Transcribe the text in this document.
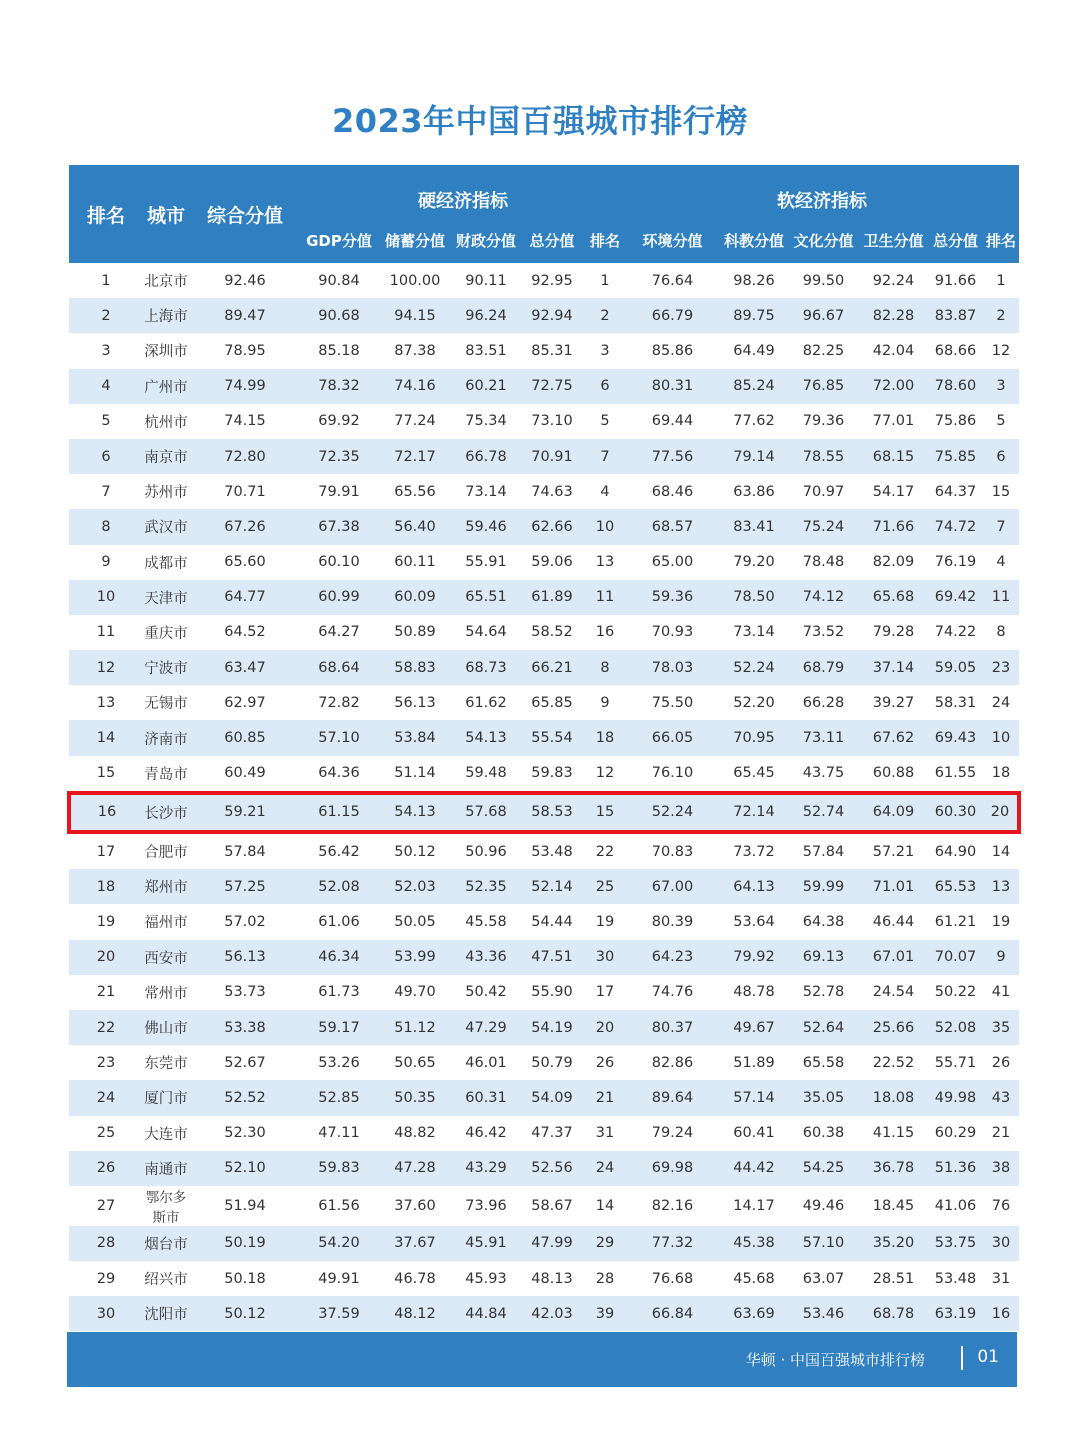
2023年中国百强城市排行榜
排名	城市	综合分值	硬经济指标					软经济指标					
			GDP分值	储蓄分值	财政分值	总分值	排名	环境分值	科教分值	文化分值	卫生分值	总分值	排名
1	北京市	92.46	90.84	100.00	90.11	92.95	1	76.64	98.26	99.50	92.24	91.66	1
2	上海市	89.47	90.68	94.15	96.24	92.94	2	66.79	89.75	96.67	82.28	83.87	2
3	深圳市	78.95	85.18	87.38	83.51	85.31	3	85.86	64.49	82.25	42.04	68.66	12
4	广州市	74.99	78.32	74.16	60.21	72.75	6	80.31	85.24	76.85	72.00	78.60	3
5	杭州市	74.15	69.92	77.24	75.34	73.10	5	69.44	77.62	79.36	77.01	75.86	5
6	南京市	72.80	72.35	72.17	66.78	70.91	7	77.56	79.14	78.55	68.15	75.85	6
7	苏州市	70.71	79.91	65.56	73.14	74.63	4	68.46	63.86	70.97	54.17	64.37	15
8	武汉市	67.26	67.38	56.40	59.46	62.66	10	68.57	83.41	75.24	71.66	74.72	7
9	成都市	65.60	60.10	60.11	55.91	59.06	13	65.00	79.20	78.48	82.09	76.19	4
10	天津市	64.77	60.99	60.09	65.51	61.89	11	59.36	78.50	74.12	65.68	69.42	11
11	重庆市	64.52	64.27	50.89	54.64	58.52	16	70.93	73.14	73.52	79.28	74.22	8
12	宁波市	63.47	68.64	58.83	68.73	66.21	8	78.03	52.24	68.79	37.14	59.05	23
13	无锡市	62.97	72.82	56.13	61.62	65.85	9	75.50	52.20	66.28	39.27	58.31	24
14	济南市	60.85	57.10	53.84	54.13	55.54	18	66.05	70.95	73.11	67.62	69.43	10
15	青岛市	60.49	64.36	51.14	59.48	59.83	12	76.10	65.45	43.75	60.88	61.55	18
16	长沙市	59.21	61.15	54.13	57.68	58.53	15	52.24	72.14	52.74	64.09	60.30	20
17	合肥市	57.84	56.42	50.12	50.96	53.48	22	70.83	73.72	57.84	57.21	64.90	14
18	郑州市	57.25	52.08	52.03	52.35	52.14	25	67.00	64.13	59.99	71.01	65.53	13
19	福州市	57.02	61.06	50.05	45.58	54.44	19	80.39	53.64	64.38	46.44	61.21	19
20	西安市	56.13	46.34	53.99	43.36	47.51	30	64.23	79.92	69.13	67.01	70.07	9
21	常州市	53.73	61.73	49.70	50.42	55.90	17	74.76	48.78	52.78	24.54	50.22	41
22	佛山市	53.38	59.17	51.12	47.29	54.19	20	80.37	49.67	52.64	25.66	52.08	35
23	东莞市	52.67	53.26	50.65	46.01	50.79	26	82.86	51.89	65.58	22.52	55.71	26
24	厦门市	52.52	52.85	50.35	60.31	54.09	21	89.64	57.14	35.05	18.08	49.98	43
25	大连市	52.30	47.11	48.82	46.42	47.37	31	79.24	60.41	60.38	41.15	60.29	21
26	南通市	52.10	59.83	47.28	43.29	52.56	24	69.98	44.42	54.25	36.78	51.36	38
27	鄂尔多斯市	51.94	61.56	37.60	73.96	58.67	14	82.16	14.17	49.46	18.45	41.06	76
28	烟台市	50.19	54.20	37.67	45.91	47.99	29	77.32	45.38	57.10	35.20	53.75	30
29	绍兴市	50.18	49.91	46.78	45.93	48.13	28	76.68	45.68	63.07	28.51	53.48	31
30	沈阳市	50.12	37.59	48.12	44.84	42.03	39	66.84	63.69	53.46	68.78	63.19	16
华顿 · 中国百强城市排行榜	01
